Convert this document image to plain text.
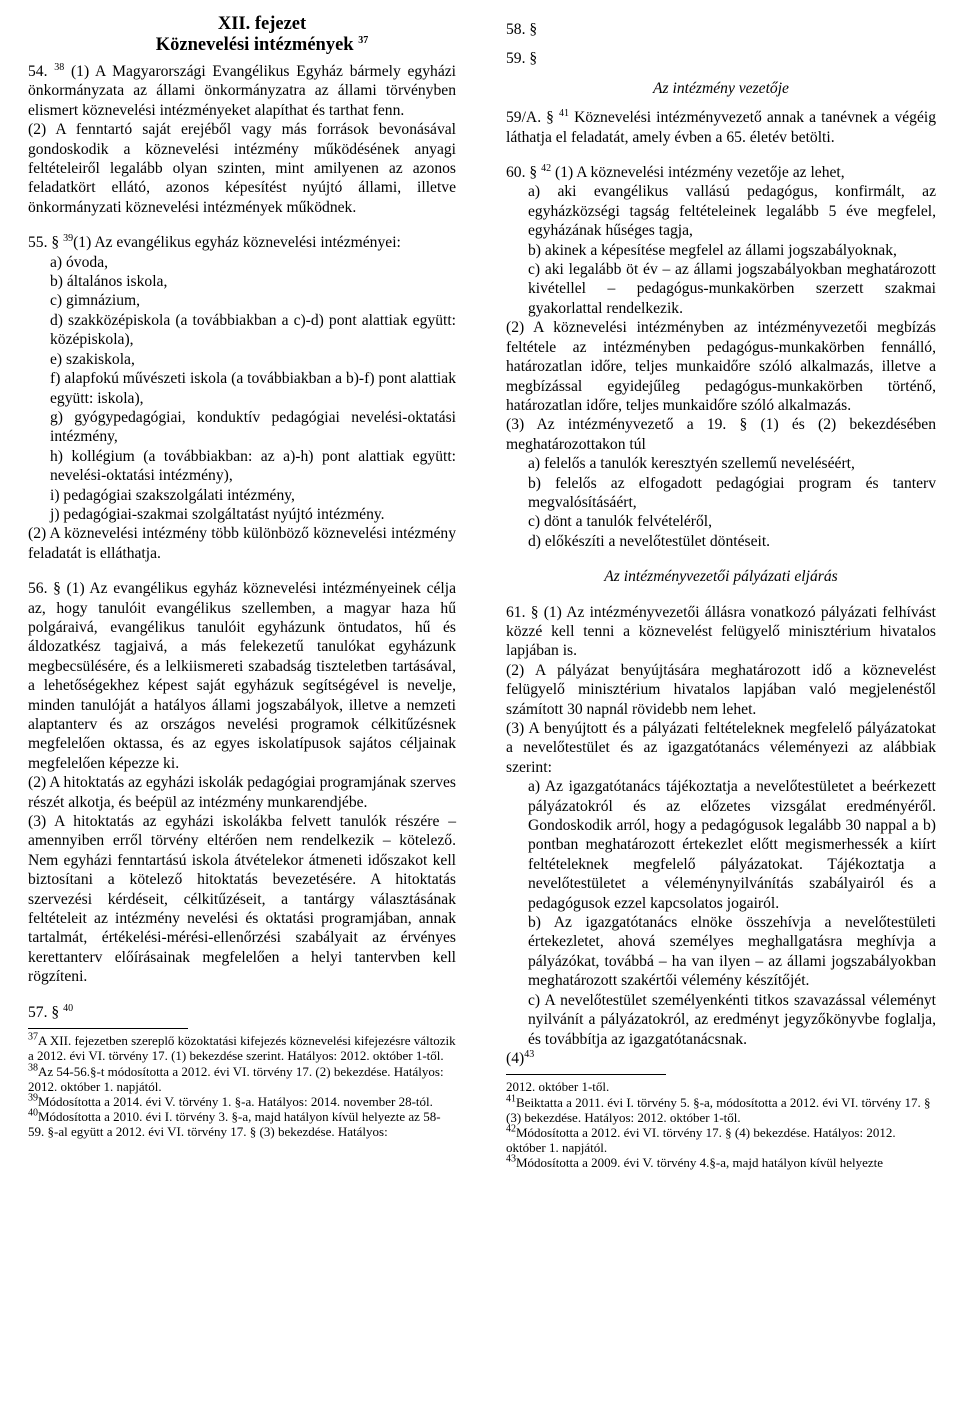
XII. fejezet
Köznevelési intézmények $^{37}$

54. $^{38}$ (1) A Magyarországi Evangélikus Egyház bármely egyházi önkormányzata az állami önkormányzatra az állami törvényben elismert köznevelési intézményeket alapíthat és tarthat fenn.

(2) A fenntartó saját erejéből vagy más források bevonásával gondoskodik a köznevelési intézmény működésének anyagi feltételeiről legalább olyan szinten, mint amilyenen az azonos feladatkört ellátó, azonos képesítést nyújtó állami, illetve önkormányzati köznevelési intézmények működnek.

55. § $^{39}$(1) Az evangélikus egyház köznevelési intézményei:

a) óvoda,

b) általános iskola,

c) gimnázium,

d) szakközépiskola (a továbbiakban a c)-d) pont alattiak együtt: középiskola),

e) szakiskola,

f) alapfokú művészeti iskola (a továbbiakban a b)-f) pont alattiak együtt: iskola),

g) gyógypedagógiai, konduktív pedagógiai nevelési-oktatási intézmény,

h) kollégium (a továbbiakban: az a)-h) pont alattiak együtt: nevelési-oktatási intézmény),

i) pedagógiai szakszolgálati intézmény,

j) pedagógiai-szakmai szolgáltatást nyújtó intézmény.

(2) A köznevelési intézmény több különböző köznevelési intézmény feladatát is elláthatja.

56. § (1) Az evangélikus egyház köznevelési intézményeinek célja az, hogy tanulóit evangélikus szellemben, a magyar haza hű polgáraivá, evangélikus tanulóit egyházunk öntudatos, hű és áldozatkész tagjaivá, a más felekezetű tanulókat egyházunk megbecsülésére, és a lelkiismereti szabadság tiszteletben tartásával, a lehetőségekhez képest saját egyházuk segítségével is nevelje, minden tanulóját a hatályos állami jogszabályok, illetve a nemzeti alaptanterv és az országos nevelési programok célkitűzésnek megfelelően oktassa, és az egyes iskolatípusok sajátos céljainak megfelelően képezze ki.

(2) A hitoktatás az egyházi iskolák pedagógiai programjának szerves részét alkotja, és beépül az intézmény munkarendjébe.

(3) A hitoktatás az egyházi iskolákba felvett tanulók részére – amennyiben erről törvény eltérően nem rendelkezik – kötelező. Nem egyházi fenntartású iskola átvételekor átmeneti időszakot kell biztosítani a kötelező hitoktatás bevezetésére. A hitoktatás szervezési kérdéseit, célkitűzéseit, a tantárgy választásának feltételeit az intézmény nevelési és oktatási programjában, annak tartalmát, értékelési-mérési-ellenőrzési szabályait az érvényes kerettanterv előírásainak megfelelően a helyi tantervben kell rögzíteni.

57. § $^{40}$

$^{37}$A XII. fejezetben szereplő közoktatási kifejezés köznevelési kifejezésre változik a 2012. évi VI. törvény 17. (1) bekezdése szerint. Hatályos: 2012. október 1-től.

$^{38}$Az 54-56.§-t módosította a 2012. évi VI. törvény 17. (2) bekezdése. Hatályos: 2012. október 1. napjától.

$^{39}$Módosította a 2014. évi V. törvény 1. §-a. Hatályos: 2014. november 28-tól.

$^{40}$Módosította a 2010. évi I. törvény 3. §-a, majd hatályon kívül helyezte az 58-59. §-al együtt a 2012. évi VI. törvény 17. § (3) bekezdése. Hatályos:

58. §

59. §

Az intézmény vezetője

59/A. § $^{41}$ Köznevelési intézményvezető annak a tanévnek a végéig láthatja el feladatát, amely évben a 65. életév betölti.

60. § $^{42}$ (1) A köznevelési intézmény vezetője az lehet,

a) aki evangélikus vallású pedagógus, konfirmált, az egyházközségi tagság feltételeinek legalább 5 éve megfelel, egyházának hűséges tagja,

b) akinek a képesítése megfelel az állami jogszabályoknak,

c) aki legalább öt év – az állami jogszabályokban meghatározott kivétellel – pedagógus-munkakörben szerzett szakmai gyakorlattal rendelkezik.

(2) A köznevelési intézményben az intézményvezetői megbízás feltétele az intézményben pedagógus-munkakörben fennálló, határozatlan időre, teljes munkaidőre szóló alkalmazás, illetve a megbízással egyidejűleg pedagógus-munkakörben történő, határozatlan időre, teljes munkaidőre szóló alkalmazás.

(3) Az intézményvezető a 19. § (1) és (2) bekezdésében meghatározottakon túl

a) felelős a tanulók keresztyén szellemű neveléséért,

b) felelős az elfogadott pedagógiai program és tanterv megvalósításáért,

c) dönt a tanulók felvételéről,

d) előkészíti a nevelőtestület döntéseit.

Az intézményvezetői pályázati eljárás

61. § (1) Az intézményvezetői állásra vonatkozó pályázati felhívást közzé kell tenni a köznevelést felügyelő minisztérium hivatalos lapjában is.

(2) A pályázat benyújtására meghatározott idő a köznevelést felügyelő minisztérium hivatalos lapjában való megjelenéstől számított 30 napnál rövidebb nem lehet.

(3) A benyújtott és a pályázati feltételeknek megfelelő pályázatokat a nevelőtestület és az igazgatótanács véleményezi az alábbiak szerint:

a) Az igazgatótanács tájékoztatja a nevelőtestületet a beérkezett pályázatokról és az előzetes vizsgálat eredményéről. Gondoskodik arról, hogy a pedagógusok legalább 30 nappal a b) pontban meghatározott értekezlet előtt megismerhessék a kiírt feltételeknek megfelelő pályázatokat. Tájékoztatja a nevelőtestületet a véleménynyilvánítás szabályairól és a pedagógusok ezzel kapcsolatos jogairól.

b) Az igazgatótanács elnöke összehívja a nevelőtestületi értekezletet, ahová személyes meghallgatásra meghívja a pályázókat, továbbá – ha van ilyen – az állami jogszabályokban meghatározott szakértői vélemény készítőjét.

c) A nevelőtestület személyenkénti titkos szavazással véleményt nyilvánít a pályázatokról, az eredményt jegyzőkönyvbe foglalja, és továbbítja az igazgatótanácsnak.

$(4)^{43}$

2012. október 1-től.

$^{41}$Beiktatta a 2011. évi I. törvény 5. §-a, módosította a 2012. évi VI. törvény 17. § (3) bekezdése. Hatályos: 2012. október 1-től.

$^{42}$Módosította a 2012. évi VI. törvény 17. § (4) bekezdése. Hatályos: 2012. október 1. napjától.

$^{43}$Módosította a 2009. évi V. törvény 4.§-a, majd hatályon kívül helyezte
